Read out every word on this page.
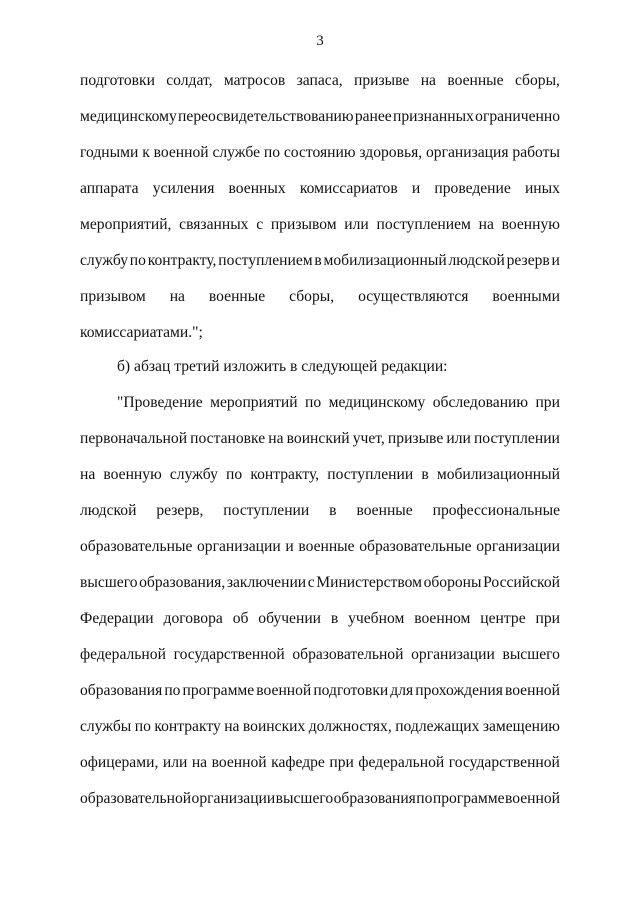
3
подготовки солдат, матросов запаса, призыве на военные сборы,
медицинскому переосвидетельствованию ранее признанных ограниченно
годными к военной службе по состоянию здоровья, организация работы
аппарата усиления военных комиссариатов и проведение иных
мероприятий, связанных с призывом или поступлением на военную
службу по контракту, поступлением в мобилизационный людской резерв и
призывом на военные сборы, осуществляются военными
комиссариатами.";
б) абзац третий изложить в следующей редакции:
"Проведение мероприятий по медицинскому обследованию при
первоначальной постановке на воинский учет, призыве или поступлении
на военную службу по контракту, поступлении в мобилизационный
людской резерв, поступлении в военные профессиональные
образовательные организации и военные образовательные организации
высшего образования, заключении с Министерством обороны Российской
Федерации договора об обучении в учебном военном центре при
федеральной государственной образовательной организации высшего
образования по программе военной подготовки для прохождения военной
службы по контракту на воинских должностях, подлежащих замещению
офицерами, или на военной кафедре при федеральной государственной
образовательной организации высшего образования по программе военной
